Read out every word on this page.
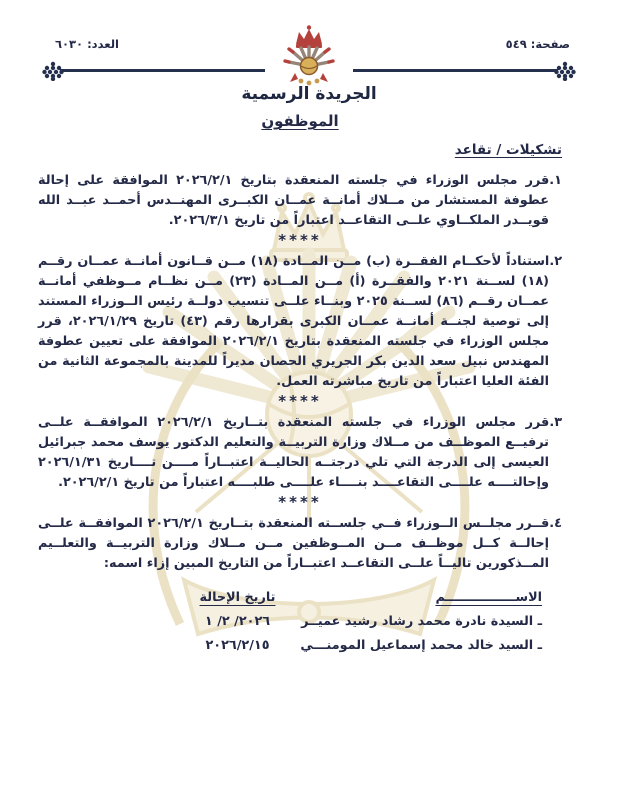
صفحة: ٥٤٩
العدد: ٦٠٣٠
الجريدة الرسمية
الموظفون
تشكيلات / تقاعد

١.قرر مجلس الوزراء في جلسته المنعقدة بتاريخ ٢٠٢٦/٢/١ الموافقة على إحالة عطوفة المستشار من مــلاك أمانــة عمــان الكبــرى المهنــدس أحمــد عبــد الله قويــدر الملكــاوي علــى التقاعــد اعتباراً من تاريخ ٢٠٢٦/٣/١.

****

٢.استناداً لأحكــام الفقــرة (ب) مــن المــادة (١٨) مــن قــانون أمانــة عمــان رقــم (١٨) لســنة ٢٠٢١ والفقــرة (أ) مــن المــادة (٢٣) مــن نظــام مــوظفي أمانــة عمــان رقــم (٨٦) لســنة ٢٠٢٥ وبنــاء علــى تنسيب دولــة رئيس الــوزراء المستند إلى توصية لجنــة أمانــة عمــان الكبرى بقرارها رقم (٤٣) تاريخ ٢٠٢٦/١/٢٩، قرر مجلس الوزراء في جلسته المنعقدة بتاريخ ٢٠٢٦/٢/١ الموافقة على تعيين عطوفة المهندس نبيل سعد الدين بكر الجريري الحصان مديراً للمدينة بالمجموعة الثانية من الفئة العليا اعتباراً من تاريخ مباشرته العمل.

****

٣.قرر مجلس الوزراء في جلسته المنعقدة بتــاريخ ٢٠٢٦/٢/١ الموافقــة علــى ترفيــع الموظــف من مــلاك وزارة التربيــة والتعليم الدكتور يوسف محمد جبرائيل العيسى إلى الدرجة التي تلي درجتــه الحاليــة اعتبــاراً مــــن تــــاريخ ٢٠٢٦/١/٣١ وإحالتــــه علــــى التقاعــــد بنــــاء علــــى طلبــــه اعتباراً من تاريخ ٢٠٢٦/٢/١.

****

٤.قــرر مجلــس الــوزراء فــي جلســته المنعقدة بتــاريخ ٢٠٢٦/٢/١ الموافقــة علــى إحالــة كــل موظــف مــن المــوظفين مــن مــلاك وزارة التربيــة والتعلــيم المــذكورين تاليــاً علــى التقاعــد اعتبــاراً من التاريخ المبين إزاء اسمه:

الاســــــــــــــــم
تاريخ الإحالة
ـ السيدة نادرة محمد رشاد رشيد عميــر
٢٠٢٦/ ٢/ ١
ـ السيد خالد محمد إسماعيل المومنـــي
٢٠٢٦/٢/١٥
